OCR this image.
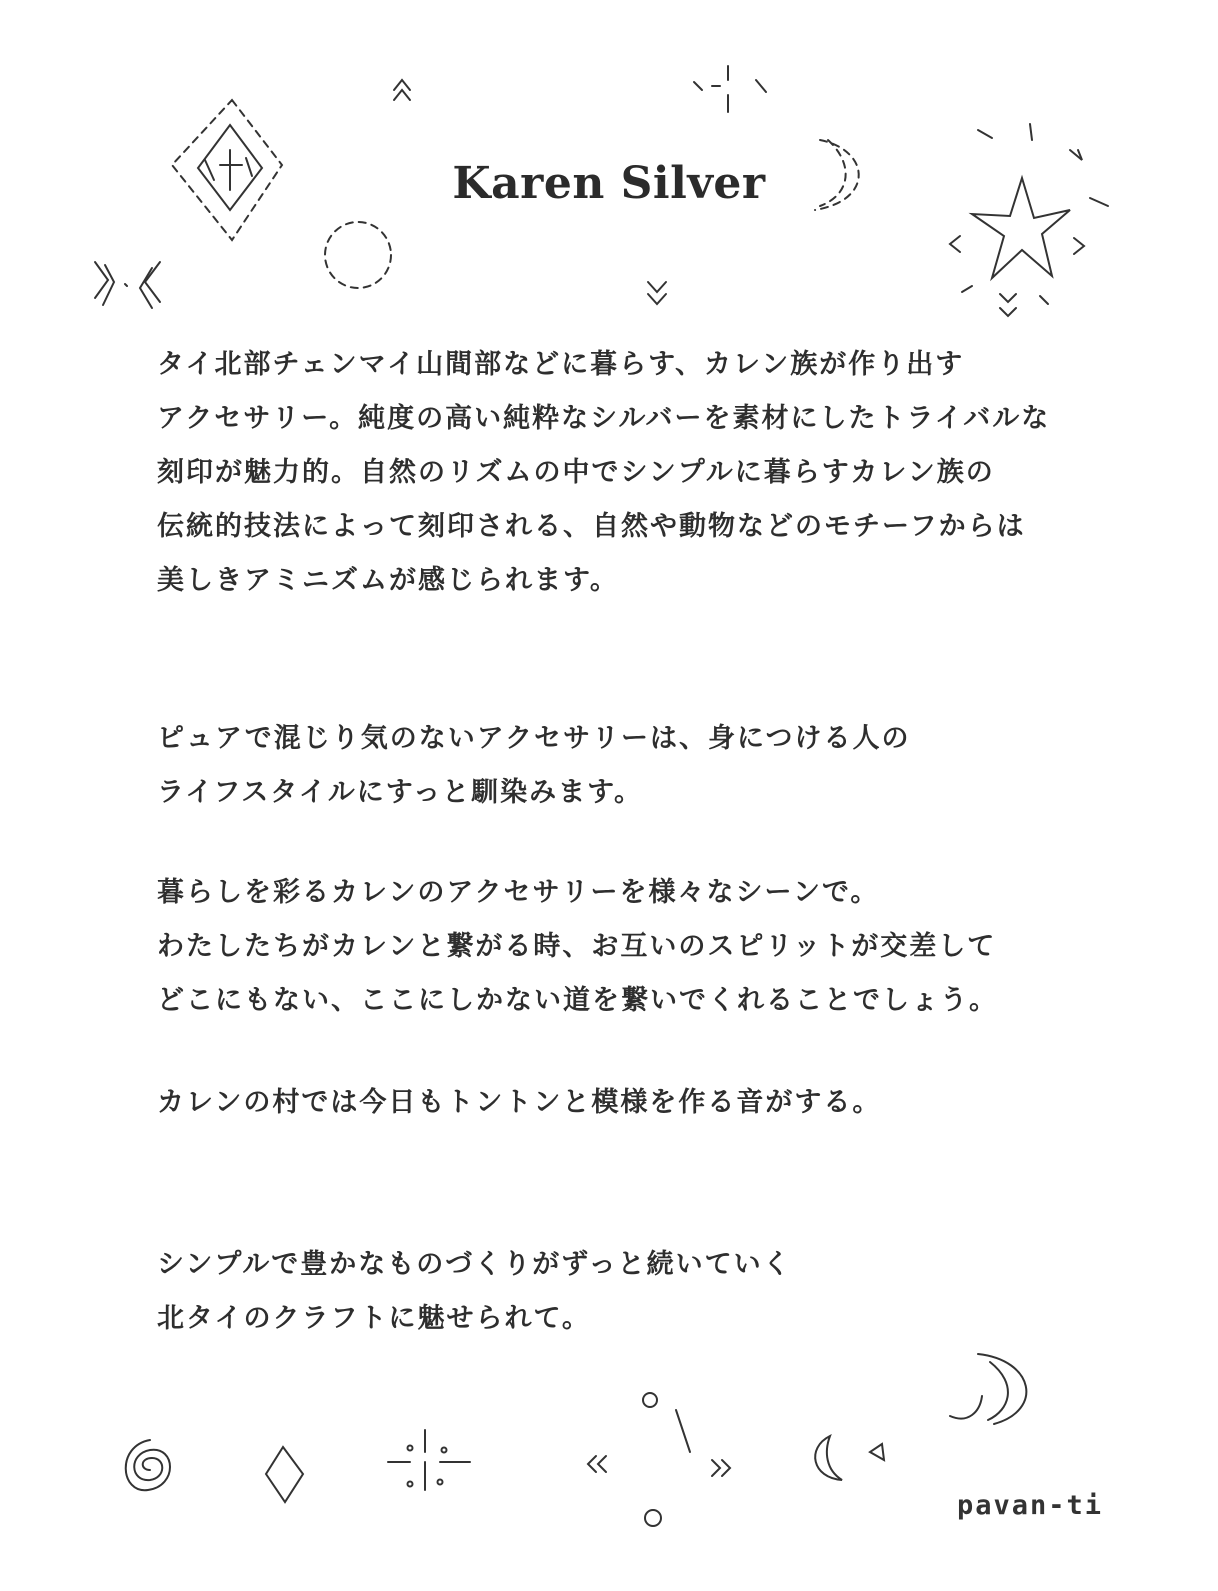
Karen Silver
タイ北部チェンマイ山間部などに暮らす、カレン族が作り出す
アクセサリー。純度の高い純粋なシルバーを素材にしたトライバルな
刻印が魅力的。自然のリズムの中でシンプルに暮らすカレン族の
伝統的技法によって刻印される、自然や動物などのモチーフからは
美しきアミニズムが感じられます。
ピュアで混じり気のないアクセサリーは、身につける人の
ライフスタイルにすっと馴染みます。
暮らしを彩るカレンのアクセサリーを様々なシーンで。
わたしたちがカレンと繋がる時、お互いのスピリットが交差して
どこにもない、ここにしかない道を繋いでくれることでしょう。
カレンの村では今日もトントンと模様を作る音がする。
シンプルで豊かなものづくりがずっと続いていく
北タイのクラフトに魅せられて。
pavan-ti
